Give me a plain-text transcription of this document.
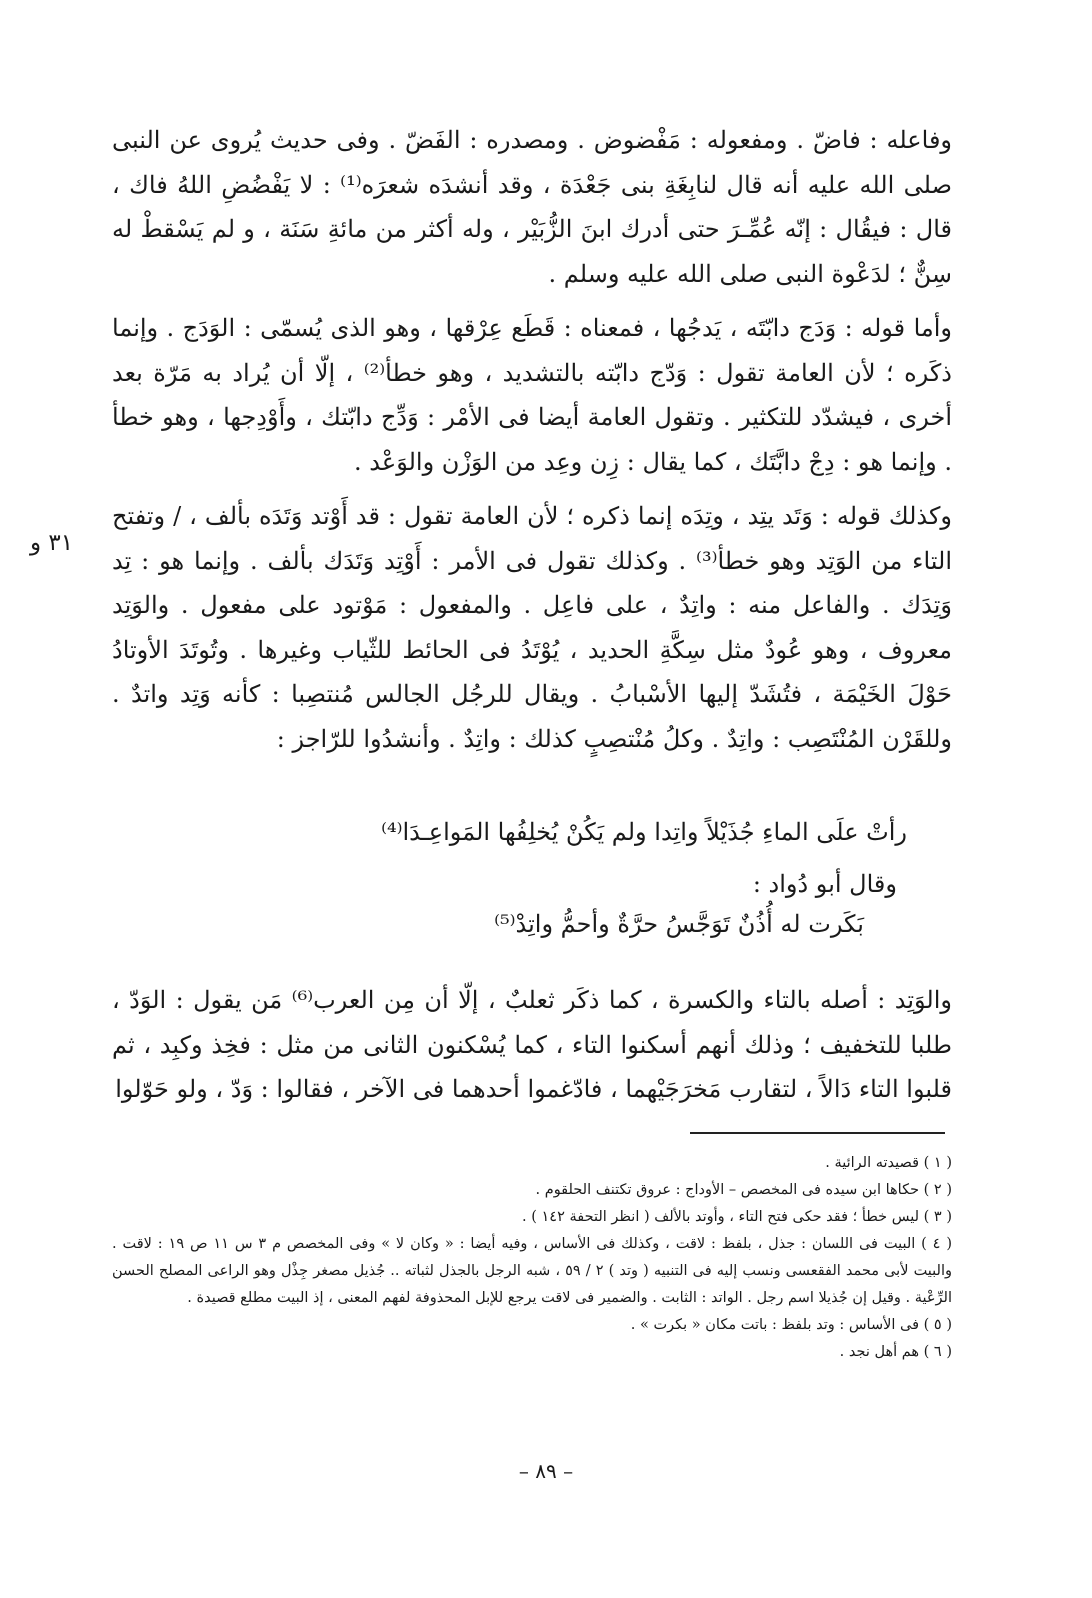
وفاعله : فاضّ . ومفعوله : مَفْضوض . ومصدره : الفَضّ . وفى حديث يُروى عن النبى صلى الله عليه أنه قال لنابِغَةِ بنى جَعْدَة ، وقد أنشدَه شعرَه⁽¹⁾ : لا يَفْضُضِ اللهُ فاك ، قال : فيقُال : إنّه عُمِّـرَ حتى أدرك ابنَ الزُّبَيْر ، وله أكثر من مائةِ سَنَة ، و لم يَسْقطْ له سِنٌّ ؛ لدَعْوة النبى صلى الله عليه وسلم .

وأما قوله : وَدَج دابّتَه ، يَدجُها ، فمعناه : قَطَع عِرْقها ، وهو الذى يُسمّى : الوَدَج . وإنما ذكَره ؛ لأن العامة تقول : وَدّج دابّته بالتشديد ، وهو خطأ⁽²⁾ ، إلّا أن يُراد به مَرّة بعد أخرى ، فيشدّد للتكثير . وتقول العامة أيضا فى الأمْر : وَدِّج دابّتك ، وأَوْدِجها ، وهو خطأ . وإنما هو : دِجْ دابَّتَك ، كما يقال : زِن وعِد من الوَزْن والوَعْد .

وكذلك قوله : وَتَد يتِد ، وتِدَه إنما ذكره ؛ لأن العامة تقول : قد أَوْتد وَتَدَه بألف ، / وتفتح التاء من الوَتِد وهو خطأ⁽³⁾ . وكذلك تقول فى الأمر : أَوْتِد وَتَدَك بألف . وإنما هو : تِد وَتِدَك . والفاعل منه : واتِدٌ ، على فاعِل . والمفعول : مَوْتود على مفعول . والوَتِد معروف ، وهو عُودٌ مثل سِكَّةِ الحديد ، يُوْتَدُ فى الحائط للثّياب وغيرها . وتُوتَدَ الأوتادُ حَوْلَ الخَيْمَة ، فتُشَدّ إليها الأسْبابُ . ويقال للرجُل الجالس مُنتصِبا : كأنه وَتِد واتدٌ . وللقَرْن المُنْتَصِب : واتِدٌ . وكلُ مُنْتصِبٍ كذلك : واتِدٌ . وأنشدُوا للرّاجز :

٣١ و
رأتْ علَى الماءِ جُذَيْلاً واتِدا ولم يَكُنْ يُخلِفُها المَواعِـدَا⁽⁴⁾
وقال أبو دُواد :
بَكَرت له أُذُنٌ تَوَجَّسُ حرَّةٌ وأحمُّ واتِدْ⁽⁵⁾

والوَتِد : أصله بالتاء والكسرة ، كما ذكَر ثعلبٌ ، إلّا أن مِن العرب⁽⁶⁾ مَن يقول : الوَدّ ، طلبا للتخفيف ؛ وذلك أنهم أسكنوا التاء ، كما يُسْكنون الثانى من مثل : فخِذ وكبِد ، ثم قلبوا التاء دَالاً ، لتقارب مَخرَجَيْهما ، فادّغموا أحدهما فى الآخر ، فقالوا : وَدّ ، ولو حَوّلوا

( ١ ) قصيدته الرائية .

( ٢ ) حكاها ابن سيده فى المخصص – الأوداج : عروق تكتنف الحلقوم .

( ٣ ) ليس خطأ ؛ فقد حكى فتح التاء ، وأوتد بالألف ( انظر التحفة ١٤٢ ) .

( ٤ ) البيت فى اللسان : جذل ، بلفظ : لاقت ، وكذلك فى الأساس ، وفيه أيضا : « وكان لا » وفى المخصص م ٣ س ١١ ص ١٩ : لاقت . والبيت لأبى محمد الفقعسى ونسب إليه فى التنبيه ( وتد ) ٢ / ٥٩ ، شبه الرجل بالجذل لثباته .. جُذيل مصغر جِذْل وهو الراعى المصلح الحسن الرِّعْية . وقيل إن جُذيلا اسم رجل . الواتد : الثابت . والضمير فى لاقت يرجع للإبل المحذوفة لفهم المعنى ، إذ البيت مطلع قصيدة .

( ٥ ) فى الأساس : وتد بلفظ : باتت مكان « بكرت » .

( ٦ ) هم أهل نجد .

– ٨٩ –
